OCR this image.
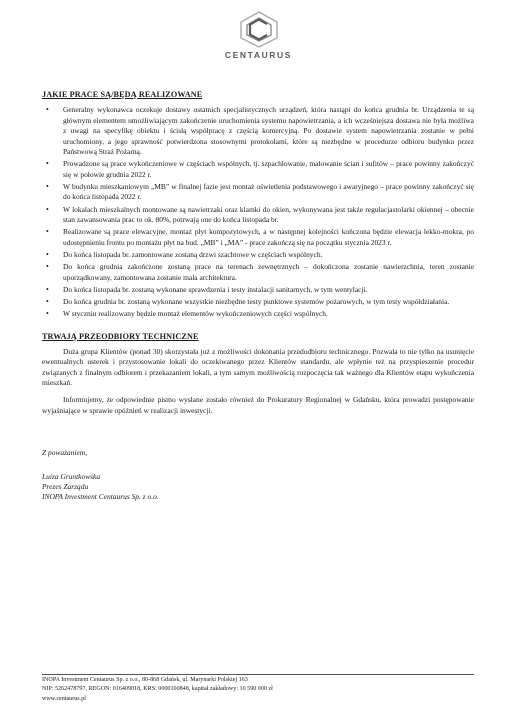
CENTAURUS
JAKIE PRACE SĄ/BĘDĄ REALIZOWANE
• Generalny wykonawca oczekuje dostawy ostatnich specjalistycznych urządzeń, która nastąpi do końca grudnia br. Urządzenia te są głównym elementem umożliwiającym zakończenie uruchomienia systemu napowietrzania, a ich wcześniejsza dostawa nie była możliwa z uwagi na specyfikę obiektu i ścisłą współpracę z częścią komercyjną. Po dostawie system napowietrzania zostanie w pełni uruchomiony, a jego sprawność potwierdzona stosownymi protokołami, które są niezbędne w procedurze odbioru budynku przez Państwową Straż Pożarną.
• Prowadzone są prace wykończeniowe w częściach wspólnych, tj. szpachlowanie, malowanie ścian i sufitów – prace powinny zakończyć się w połowie grudnia 2022 r.
• W budynku mieszkaniowym „MB” w finalnej fazie jest montaż oświetlenia podstawowego i awaryjnego – prace powinny zakończyć się do końca listopada 2022 r.
• W lokalach mieszkalnych montowane są nawietrzaki oraz klamki do okien, wykonywana jest także regulacjastolarki okiennej – obecnie stan zawansowania prac to ok. 80%, potrwają one do końca listopada br.
• Realizowane są prace elewacyjne, montaż płyt kompozytowych, a w następnej kolejności kończona będzie elewacja lekko-mokra, po udostępnieniu frontu po montażu płyt na bud. „MB” i „MA” - prace zakończą się na początku stycznia 2023 r.
• Do końca listopada br. zamontowane zostaną drzwi szachtowe w częściach wspólnych.
• Do końca grudnia zakończone zostaną prace na terenach zewnętrznych – dokończona zostanie nawierzchnia, teren zostanie uporządkowany, zamontowana zostanie mała architektura.
• Do końca listopada br. zostaną wykonane sprawdzenia i testy instalacji sanitarnych, w tym wentylacji.
• Do końca grudnia br. zostaną wykonane wszystkie niezbędne testy punktowe systemów pożarowych, w tym testy współdziałania.
• W styczniu realizowany będzie montaż elementów wykończeniowych części wspólnych.
TRWAJĄ PRZEODBIORY TECHNICZNE

Duża grupa Klientów (ponad 30) skorzystała już z możliwości dokonania przedodbioru technicznego. Pozwala to nie tylko na usunięcie ewentualnych usterek i przystosowanie lokali do oczekiwanego przez Klientów standardu, ale wpłynie też na przyspieszenie procedur związanych z finalnym odbiorem i przekazaniem lokali, a tym samym możliwością rozpoczęcia tak ważnego dla Klientów etapu wykończenia mieszkań.

Informujemy, że odpowiednie pismo wysłane zostało również do Prokuratury Regionalnej w Gdańsku, która prowadzi postępowanie wyjaśniające w sprawie opóźnień w realizacji inwestycji.

Z poważaniem,
Luiza Gruntkowska
Prezes Zarządu
INOPA Investment Centaurus Sp. z o.o.
INOPA Investment Centaurus Sp. z o.o., 80-868 Gdańsk, ul. Marynarki Polskiej 163
NIP: 5262478797, REGON: 016409018, KRS: 0000100848, kapitał zakładowy: 10 590 000 zł
www.centaurus.pl
